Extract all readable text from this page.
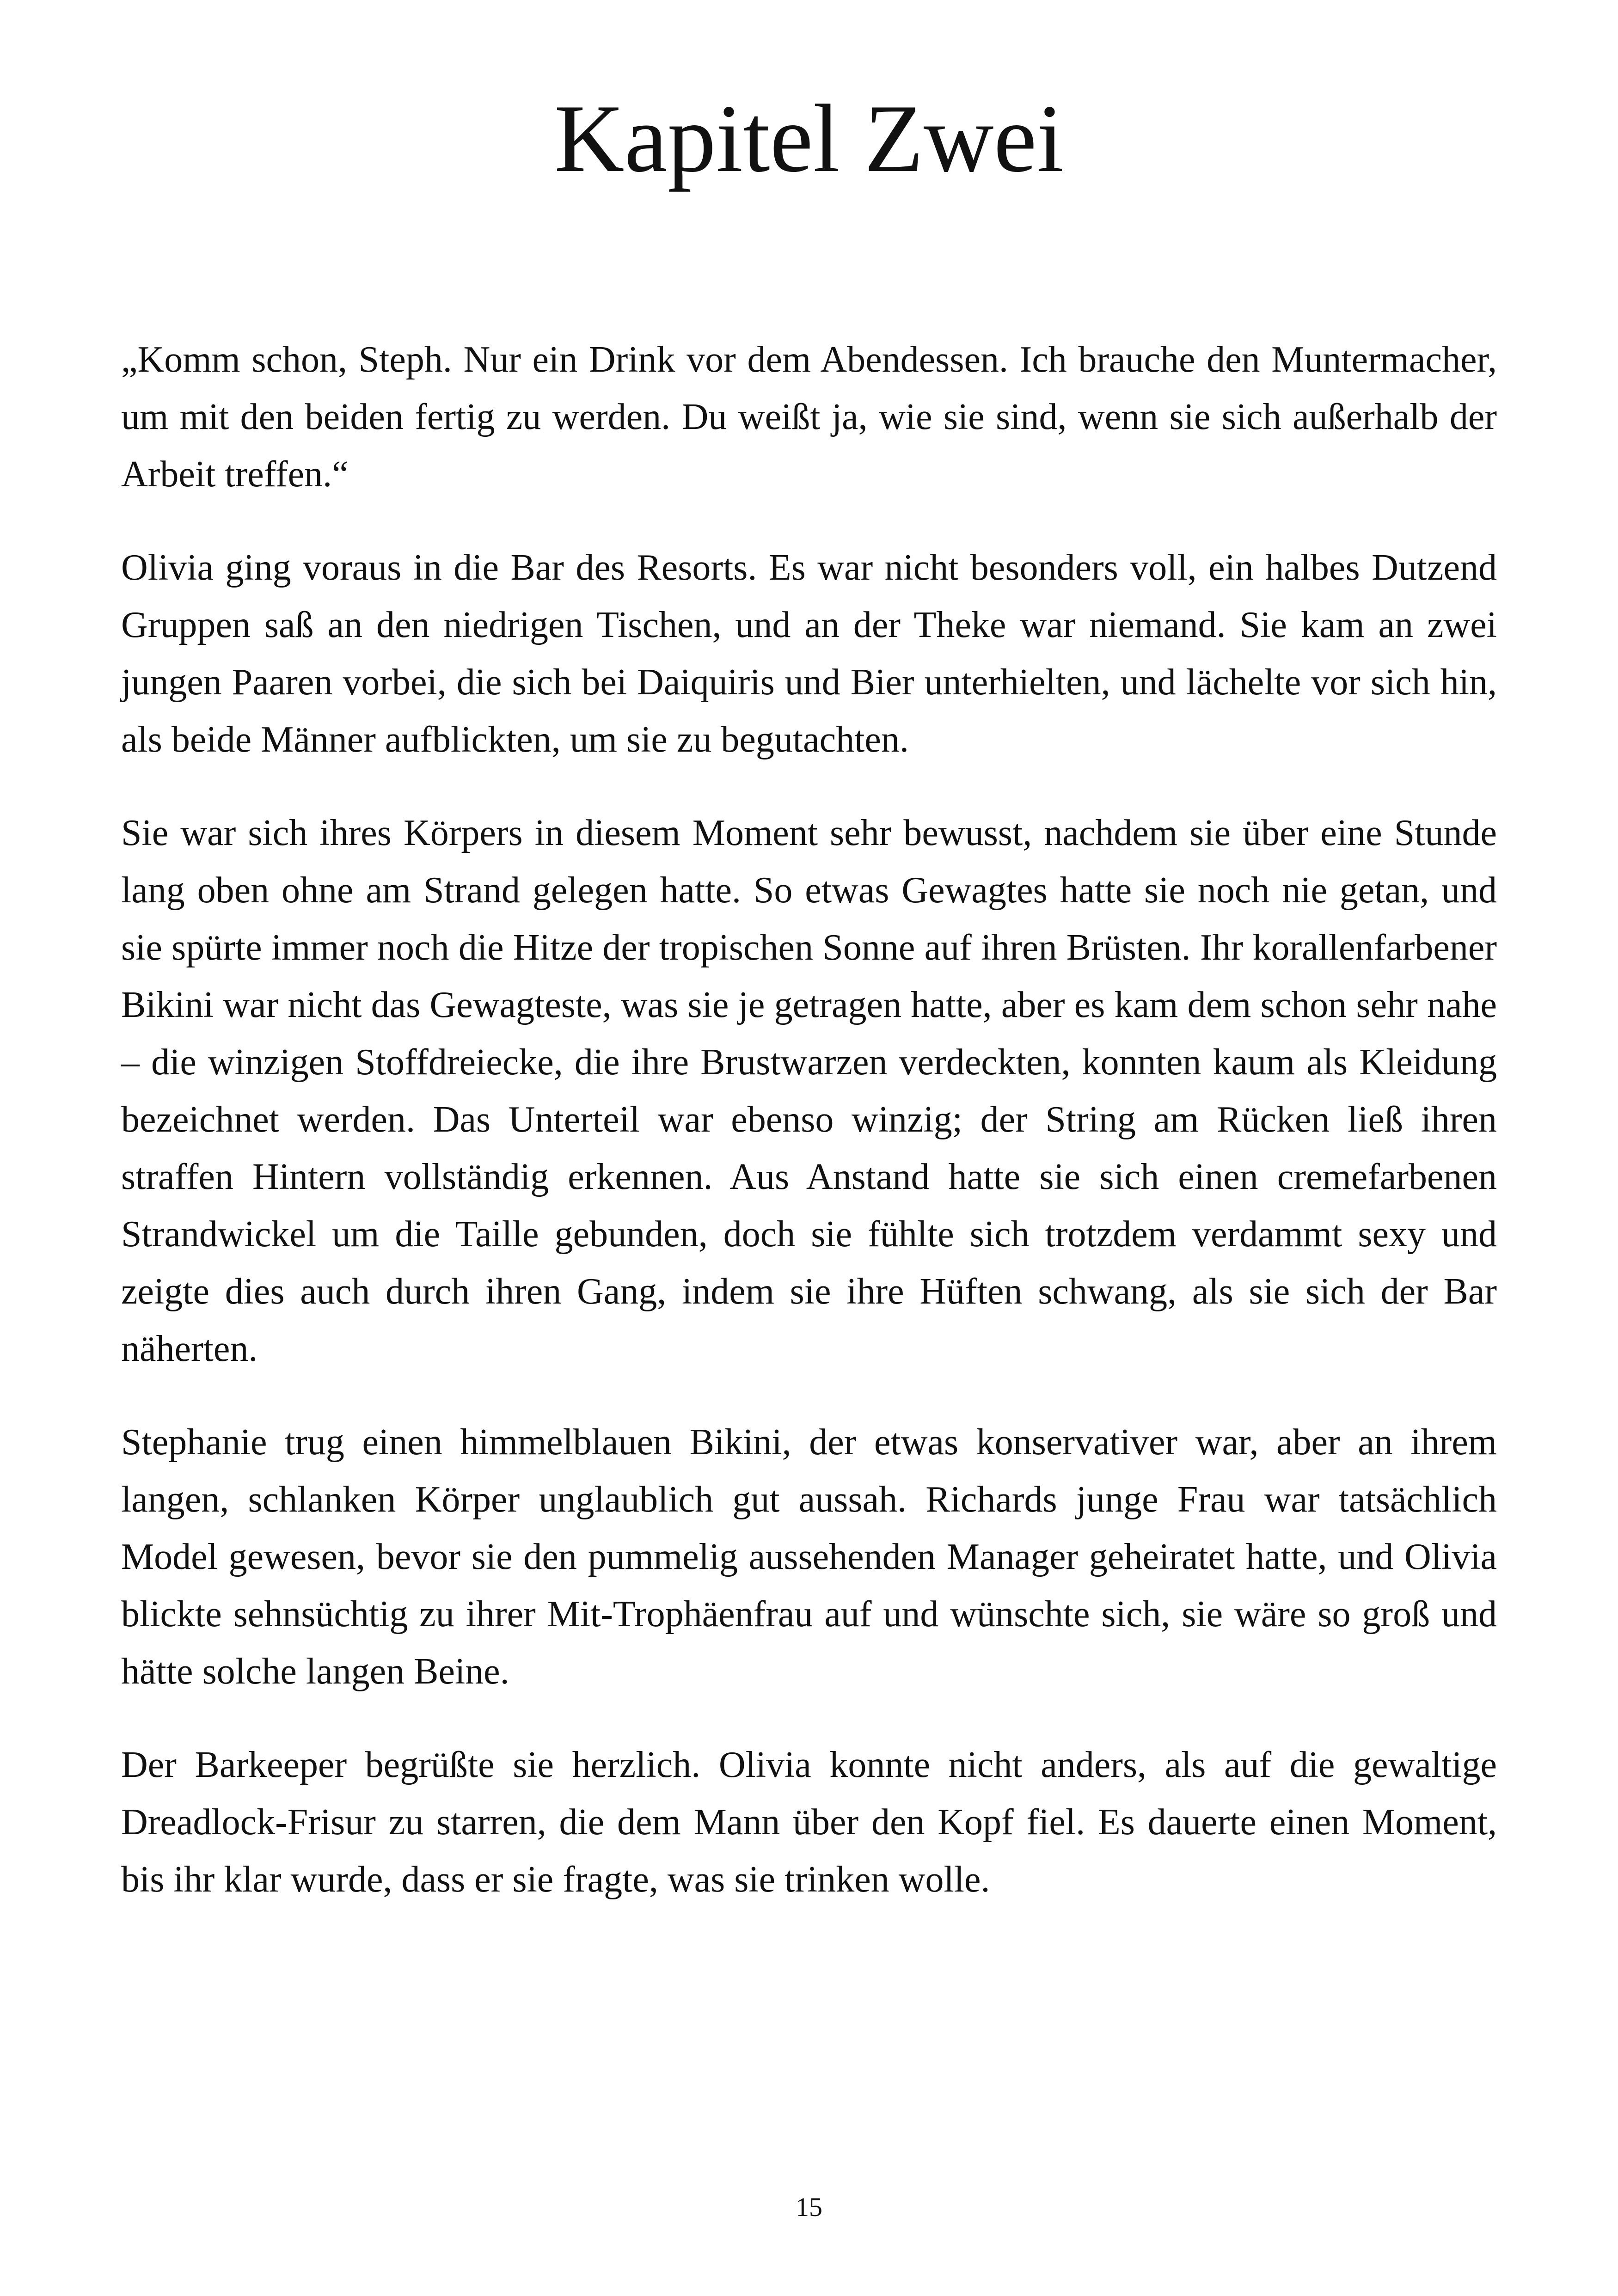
Kapitel Zwei

„Komm schon, Steph. Nur ein Drink vor dem Abendessen. Ich brauche den Muntermacher, um mit den beiden fertig zu werden. Du weißt ja, wie sie sind, wenn sie sich außerhalb der Arbeit treffen.“

Olivia ging voraus in die Bar des Resorts. Es war nicht besonders voll, ein halbes Dutzend Gruppen saß an den niedrigen Tischen, und an der Theke war niemand. Sie kam an zwei jungen Paaren vorbei, die sich bei Daiquiris und Bier unterhielten, und lächelte vor sich hin, als beide Männer aufblickten, um sie zu begutachten.

Sie war sich ihres Körpers in diesem Moment sehr bewusst, nachdem sie über eine Stunde lang oben ohne am Strand gelegen hatte. So etwas Gewagtes hatte sie noch nie getan, und sie spürte immer noch die Hitze der tropischen Sonne auf ihren Brüsten. Ihr korallenfarbener Bikini war nicht das Gewagteste, was sie je getragen hatte, aber es kam dem schon sehr nahe – die winzigen Stoffdreiecke, die ihre Brustwarzen verdeckten, konnten kaum als Kleidung bezeichnet werden. Das Unterteil war ebenso winzig; der String am Rücken ließ ihren straffen Hintern vollständig erkennen. Aus Anstand hatte sie sich einen cremefarbenen Strandwickel um die Taille gebunden, doch sie fühlte sich trotzdem verdammt sexy und zeigte dies auch durch ihren Gang, indem sie ihre Hüften schwang, als sie sich der Bar näherten.

Stephanie trug einen himmelblauen Bikini, der etwas konservativer war, aber an ihrem langen, schlanken Körper unglaublich gut aussah. Richards junge Frau war tatsächlich Model gewesen, bevor sie den pummelig aussehenden Manager geheiratet hatte, und Olivia blickte sehnsüchtig zu ihrer Mit-Trophäenfrau auf und wünschte sich, sie wäre so groß und hätte solche langen Beine.

Der Barkeeper begrüßte sie herzlich. Olivia konnte nicht anders, als auf die gewaltige Dreadlock-Frisur zu starren, die dem Mann über den Kopf fiel. Es dauerte einen Moment, bis ihr klar wurde, dass er sie fragte, was sie trinken wolle.

15
